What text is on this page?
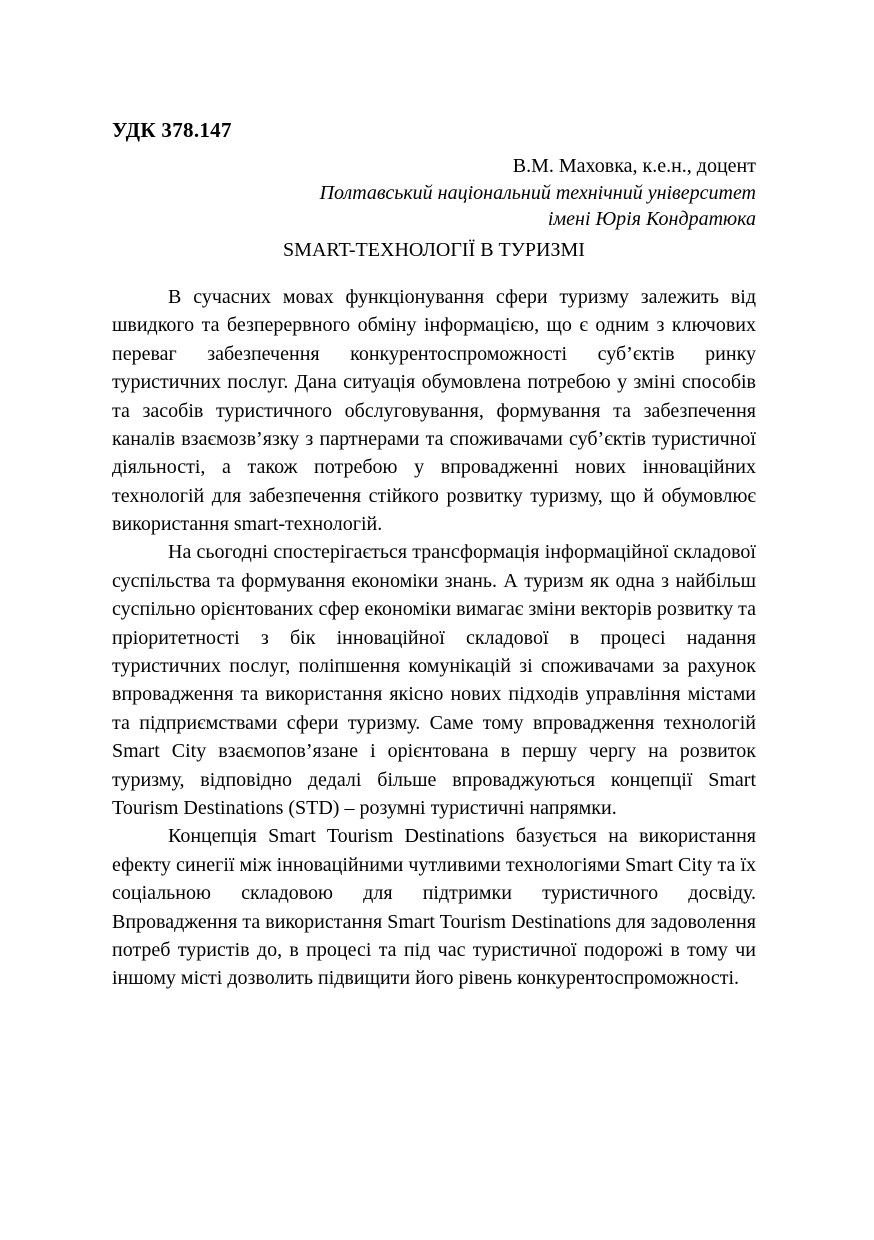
УДК 378.147
В.М. Маховка, к.е.н., доцент
Полтавський національний технічний університет
імені Юрія Кондратюка
SMART-ТЕХНОЛОГІЇ В ТУРИЗМІ

В сучасних мовах функціонування сфери туризму залежить від швидкого та безперервного обміну інформацією, що є одним з ключових переваг забезпечення конкурентоспроможності суб’єктів ринку туристичних послуг. Дана ситуація обумовлена потребою у зміні способів та засобів туристичного обслуговування, формування та забезпечення каналів взаємозв’язку з партнерами та споживачами суб’єктів туристичної діяльності, а також потребою у впровадженні нових інноваційних технологій для забезпечення стійкого розвитку туризму, що й обумовлює використання smart-технологій.

На сьогодні спостерігається трансформація інформаційної складової суспільства та формування економіки знань. А туризм як одна з найбільш суспільно орієнтованих сфер економіки вимагає зміни векторів розвитку та пріоритетності з бік інноваційної складової в процесі надання туристичних послуг, поліпшення комунікацій зі споживачами за рахунок впровадження та використання якісно нових підходів управління містами та підприємствами сфери туризму. Саме тому впровадження технологій Smart City взаємопов’язане і орієнтована в першу чергу на розвиток туризму, відповідно дедалі більше впроваджуються концепції Smart Tourism Destinations (STD) – розумні туристичні напрямки.

Концепція Smart Tourism Destinations базується на використання ефекту синегії між інноваційними чутливими технологіями Smart City та їх соціальною складовою для підтримки туристичного досвіду. Впровадження та використання Smart Tourism Destinations для задоволення потреб туристів до, в процесі та під час туристичної подорожі в тому чи іншому місті дозволить підвищити його рівень конкурентоспроможності.
